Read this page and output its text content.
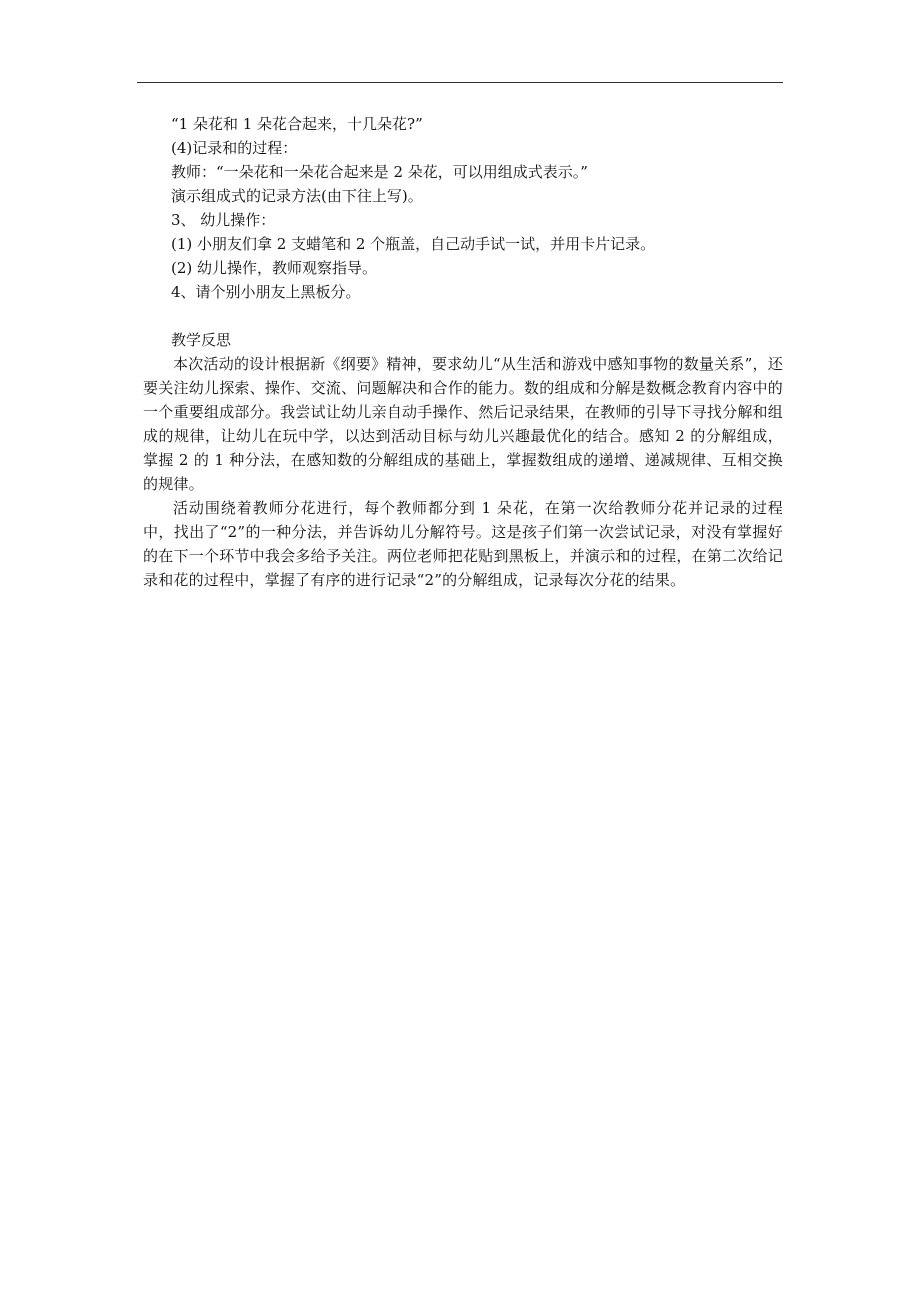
“1 朵花和 1 朵花合起来，十几朵花?”

(4)记录和的过程：

教师：“一朵花和一朵花合起来是 2 朵花，可以用组成式表示。”

演示组成式的记录方法(由下往上写)。

3、 幼儿操作：

(1) 小朋友们拿 2 支蜡笔和 2 个瓶盖，自己动手试一试，并用卡片记录。

(2) 幼儿操作，教师观察指导。

4、请个别小朋友上黑板分。

教学反思

本次活动的设计根据新《纲要》精神，要求幼儿“从生活和游戏中感知事物的数量关系”，还要关注幼儿探索、操作、交流、问题解决和合作的能力。数的组成和分解是数概念教育内容中的一个重要组成部分。我尝试让幼儿亲自动手操作、然后记录结果，在教师的引导下寻找分解和组成的规律，让幼儿在玩中学，以达到活动目标与幼儿兴趣最优化的结合。感知 2 的分解组成，掌握 2 的 1 种分法，在感知数的分解组成的基础上，掌握数组成的递增、递减规律、互相交换的规律。

活动围绕着教师分花进行，每个教师都分到 1 朵花，在第一次给教师分花并记录的过程中，找出了“2”的一种分法，并告诉幼儿分解符号。这是孩子们第一次尝试记录，对没有掌握好的在下一个环节中我会多给予关注。两位老师把花贴到黑板上，并演示和的过程，在第二次给记录和花的过程中，掌握了有序的进行记录“2”的分解组成，记录每次分花的结果。
